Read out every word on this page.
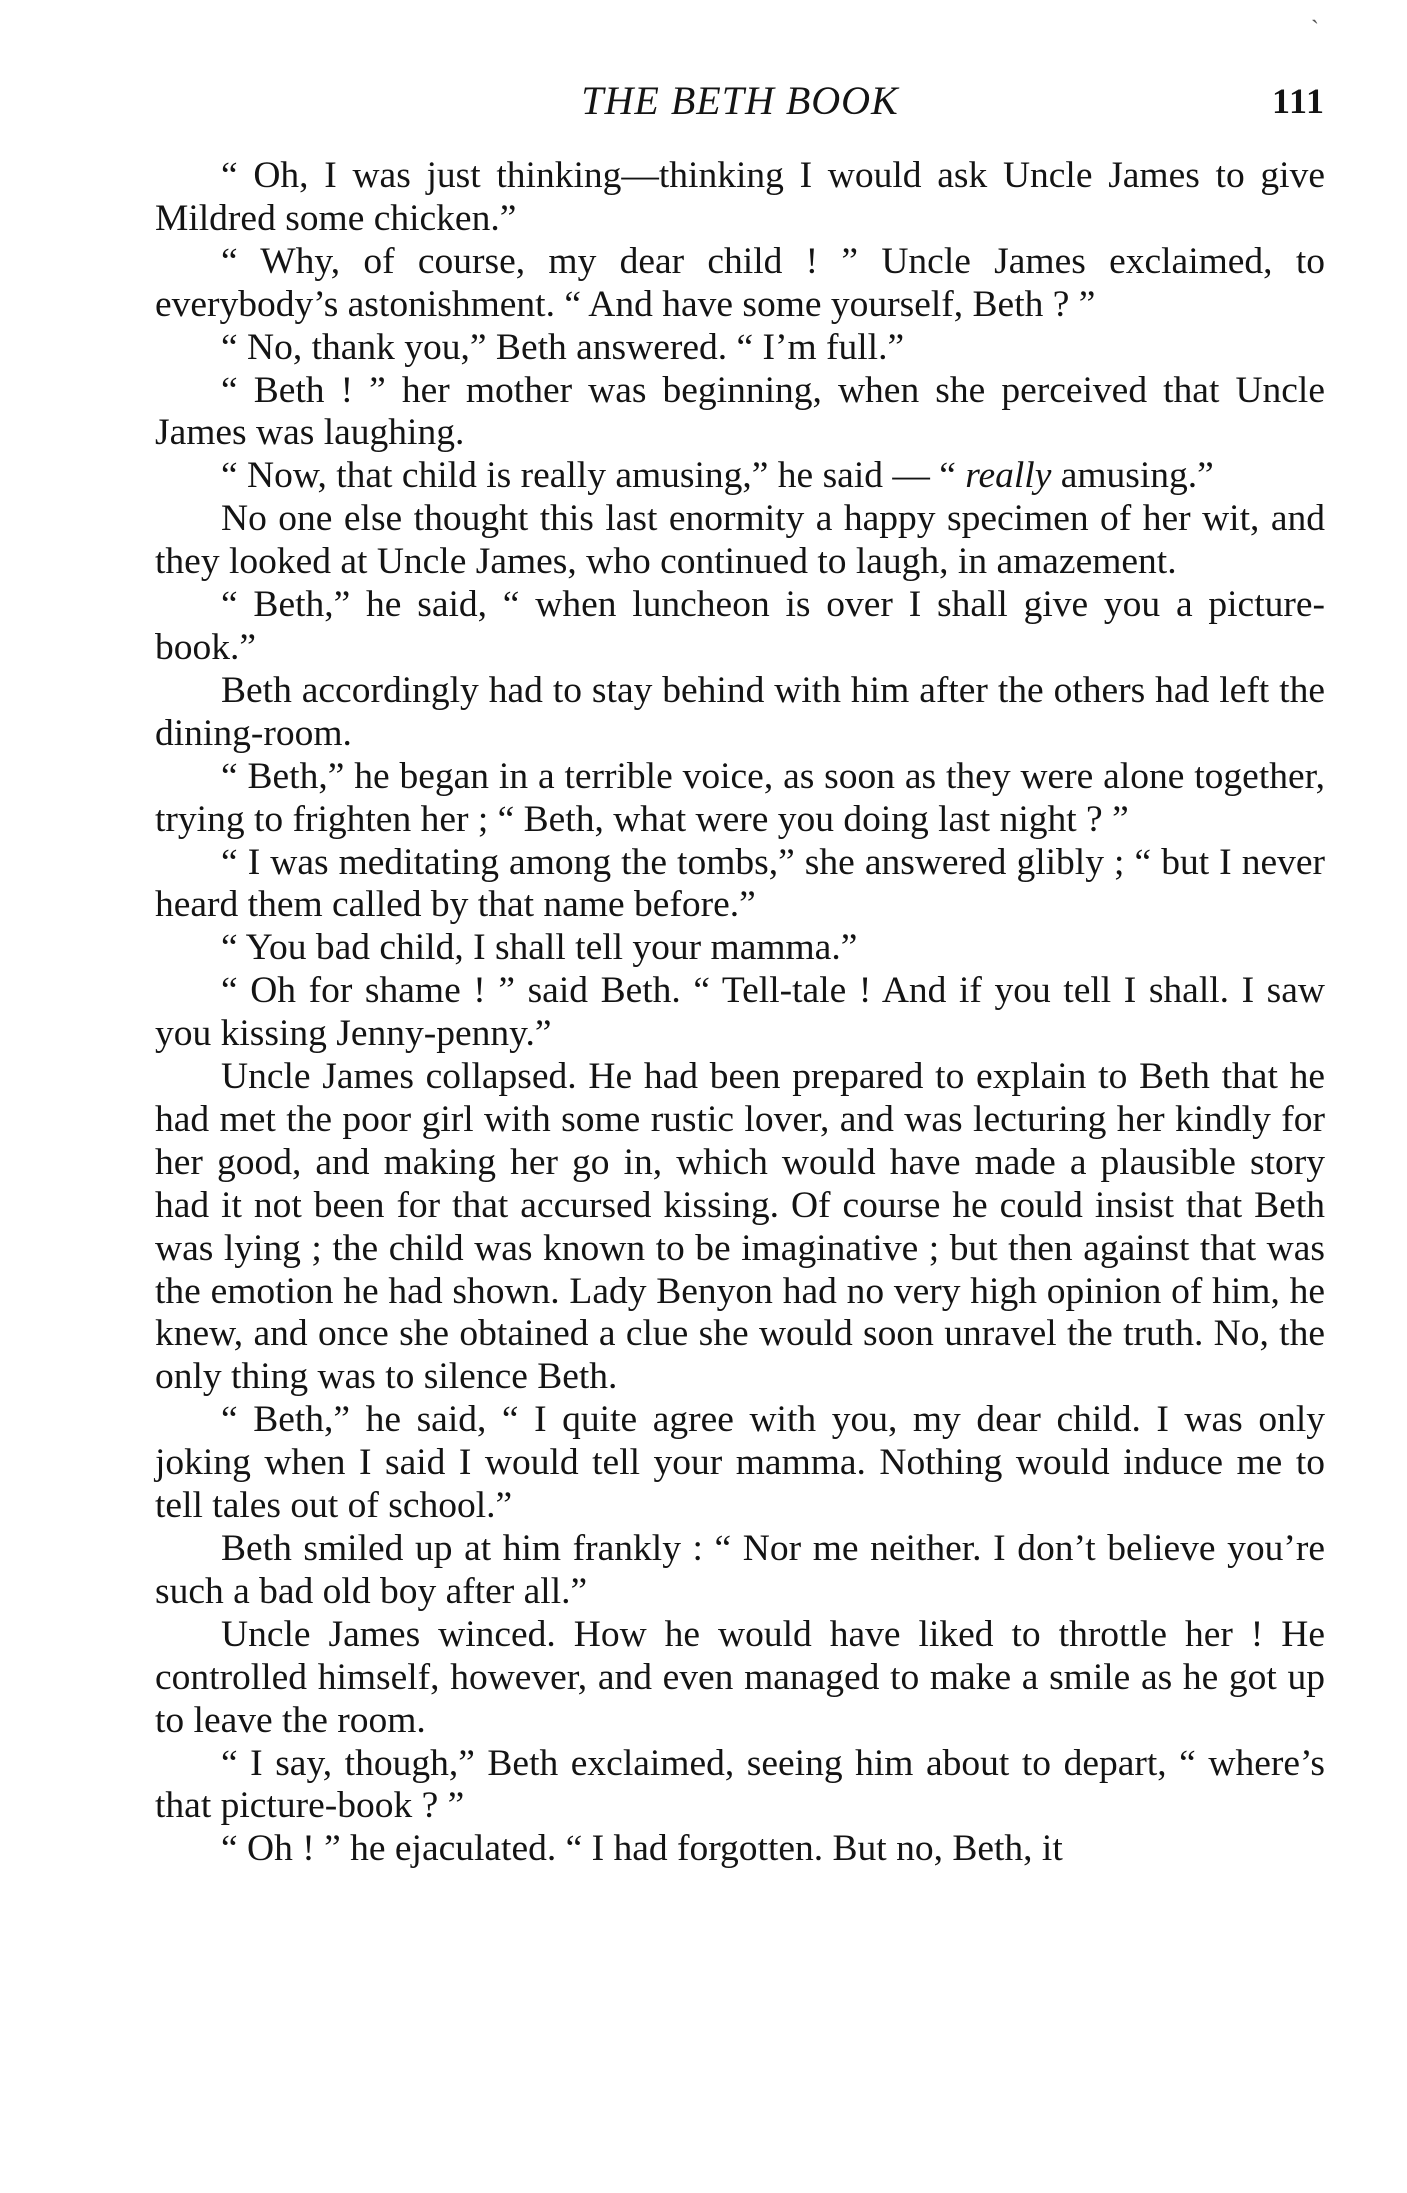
`
THE BETH BOOK	111

“ Oh, I was just thinking—thinking I would ask Uncle James to give Mildred some chicken.”

“ Why, of course, my dear child ! ” Uncle James exclaimed, to everybody’s astonishment. “ And have some yourself, Beth ? ”

“ No, thank you,” Beth answered. “ I’m full.”

“ Beth ! ” her mother was beginning, when she perceived that Uncle James was laughing.

“ Now, that child is really amusing,” he said — “ really amusing.”

No one else thought this last enormity a happy specimen of her wit, and they looked at Uncle James, who continued to laugh, in amazement.

“ Beth,” he said, “ when luncheon is over I shall give you a picture-book.”

Beth accordingly had to stay behind with him after the others had left the dining-room.

“ Beth,” he began in a terrible voice, as soon as they were alone together, trying to frighten her ; “ Beth, what were you doing last night ? ”

“ I was meditating among the tombs,” she answered glibly ; “ but I never heard them called by that name before.”

“ You bad child, I shall tell your mamma.”

“ Oh for shame ! ” said Beth. “ Tell-tale ! And if you tell I shall. I saw you kissing Jenny-penny.”

Uncle James collapsed. He had been prepared to explain to Beth that he had met the poor girl with some rustic lover, and was lecturing her kindly for her good, and making her go in, which would have made a plausible story had it not been for that accursed kissing. Of course he could insist that Beth was lying ; the child was known to be imaginative ; but then against that was the emotion he had shown. Lady Benyon had no very high opinion of him, he knew, and once she obtained a clue she would soon unravel the truth. No, the only thing was to silence Beth.

“ Beth,” he said, “ I quite agree with you, my dear child. I was only joking when I said I would tell your mamma. Nothing would induce me to tell tales out of school.”

Beth smiled up at him frankly : “ Nor me neither. I don’t believe you’re such a bad old boy after all.”

Uncle James winced. How he would have liked to throttle her ! He controlled himself, however, and even managed to make a smile as he got up to leave the room.

“ I say, though,” Beth exclaimed, seeing him about to depart, “ where’s that picture-book ? ”

“ Oh ! ” he ejaculated. “ I had forgotten. But no, Beth, it
